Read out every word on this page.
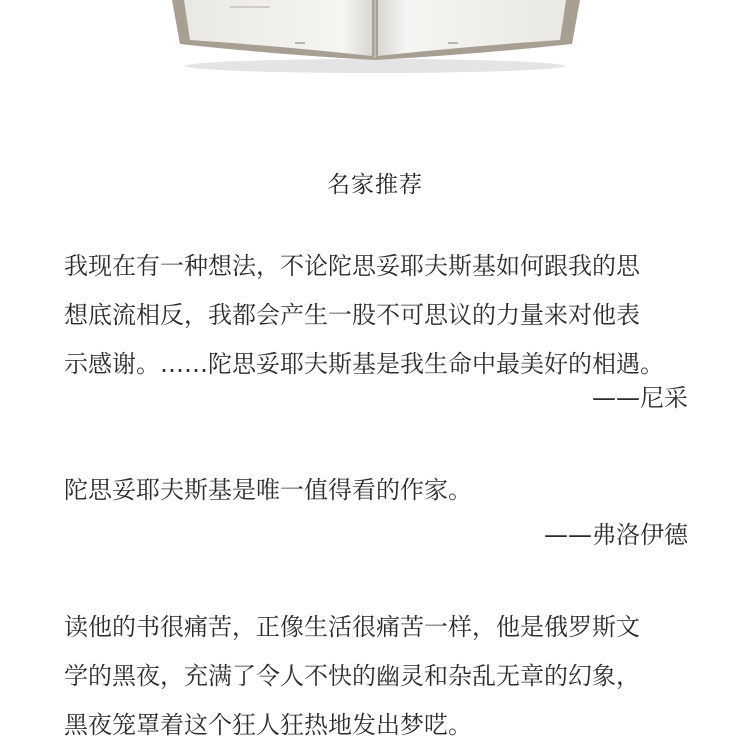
名家推荐

我现在有一种想法，不论陀思妥耶夫斯基如何跟我的思
想底流相反，我都会产生一股不可思议的力量来对他表
示感谢。……陀思妥耶夫斯基是我生命中最美好的相遇。

——尼采

陀思妥耶夫斯基是唯一值得看的作家。

——弗洛伊德

读他的书很痛苦，正像生活很痛苦一样，他是俄罗斯文
学的黑夜，充满了令人不快的幽灵和杂乱无章的幻象，
黑夜笼罩着这个狂人狂热地发出梦呓。
